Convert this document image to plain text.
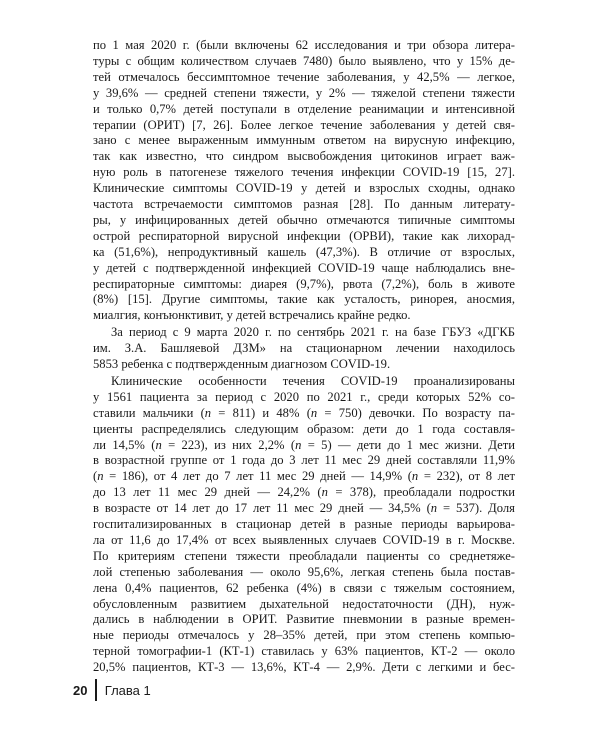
по 1 мая 2020 г. (были включены 62 исследования и три обзора литера-
туры с общим количеством случаев 7480) было выявлено, что у 15% де-
тей отмечалось бессимптомное течение заболевания, у 42,5% — легкое,
у 39,6% — средней степени тяжести, у 2% — тяжелой степени тяжести
и только 0,7% детей поступали в отделение реанимации и интенсивной
терапии (ОРИТ) [7, 26]. Более легкое течение заболевания у детей свя-
зано с менее выраженным иммунным ответом на вирусную инфекцию,
так как известно, что синдром высвобождения цитокинов играет важ-
ную роль в патогенезе тяжелого течения инфекции COVID-19 [15, 27].
Клинические симптомы COVID-19 у детей и взрослых сходны, однако
частота встречаемости симптомов разная [28]. По данным литерату-
ры, у инфицированных детей обычно отмечаются типичные симптомы
острой респираторной вирусной инфекции (ОРВИ), такие как лихорад-
ка (51,6%), непродуктивный кашель (47,3%). В отличие от взрослых,
у детей с подтвержденной инфекцией COVID-19 чаще наблюдались вне-
респираторные симптомы: диарея (9,7%), рвота (7,2%), боль в животе
(8%) [15]. Другие симптомы, такие как усталость, ринорея, аносмия,
миалгия, конъюнктивит, у детей встречались крайне редко.
За период с 9 марта 2020 г. по сентябрь 2021 г. на базе ГБУЗ «ДГКБ
им. З.А. Башляевой ДЗМ» на стационарном лечении находилось
5853 ребенка с подтвержденным диагнозом COVID-19.
Клинические особенности течения COVID-19 проанализированы
у 1561 пациента за период с 2020 по 2021 г., среди которых 52% со-
ставили мальчики (n = 811) и 48% (n = 750) девочки. По возрасту па-
циенты распределялись следующим образом: дети до 1 года составля-
ли 14,5% (n = 223), из них 2,2% (n = 5) — дети до 1 мес жизни. Дети
в возрастной группе от 1 года до 3 лет 11 мес 29 дней составляли 11,9%
(n = 186), от 4 лет до 7 лет 11 мес 29 дней — 14,9% (n = 232), от 8 лет
до 13 лет 11 мес 29 дней — 24,2% (n = 378), преобладали подростки
в возрасте от 14 лет до 17 лет 11 мес 29 дней — 34,5% (n = 537). Доля
госпитализированных в стационар детей в разные периоды варьирова-
ла от 11,6 до 17,4% от всех выявленных случаев COVID-19 в г. Москве.
По критериям степени тяжести преобладали пациенты со среднетяже-
лой степенью заболевания — около 95,6%, легкая степень была постав-
лена 0,4% пациентов, 62 ребенка (4%) в связи с тяжелым состоянием,
обусловленным развитием дыхательной недостаточности (ДН), нуж-
дались в наблюдении в ОРИТ. Развитие пневмонии в разные времен-
ные периоды отмечалось у 28–35% детей, при этом степень компью-
терной томографии-1 (КТ-1) ставилась у 63% пациентов, КТ-2 — около
20,5% пациентов, КТ-3 — 13,6%, КТ-4 — 2,9%. Дети с легкими и бес-
20 Глава 1
